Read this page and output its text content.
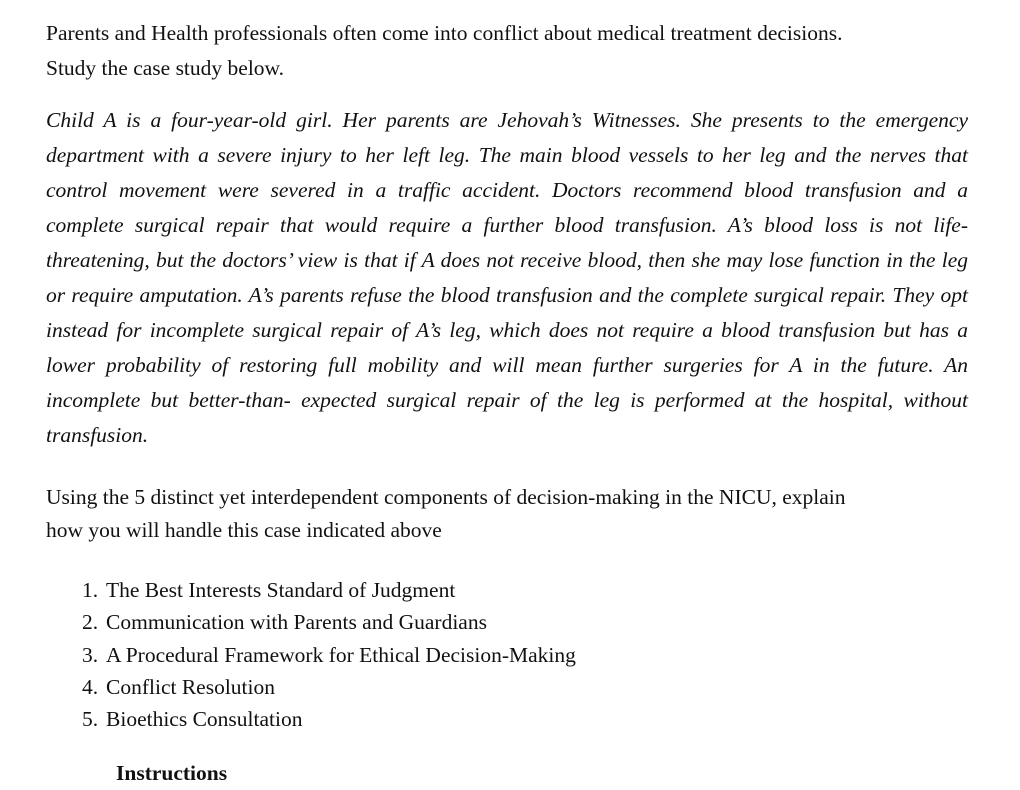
Parents and Health professionals often come into conflict about medical treatment decisions.
Study the case study below.

Child A is a four-year-old girl. Her parents are Jehovah’s Witnesses. She presents to the emergency department with a severe injury to her left leg. The main blood vessels to her leg and the nerves that control movement were severed in a traffic accident. Doctors recommend blood transfusion and a complete surgical repair that would require a further blood transfusion. A’s blood loss is not life-threatening, but the doctors’ view is that if A does not receive blood, then she may lose function in the leg or require amputation. A’s parents refuse the blood transfusion and the complete surgical repair. They opt instead for incomplete surgical repair of A’s leg, which does not require a blood transfusion but has a lower probability of restoring full mobility and will mean further surgeries for A in the future. An incomplete but better-than- expected surgical repair of the leg is performed at the hospital, without transfusion.

Using the 5 distinct yet interdependent components of decision-making in the NICU, explain
how you will handle this case indicated above

1. The Best Interests Standard of Judgment
2. Communication with Parents and Guardians
3. A Procedural Framework for Ethical Decision-Making
4. Conflict Resolution
5. Bioethics Consultation

Instructions
